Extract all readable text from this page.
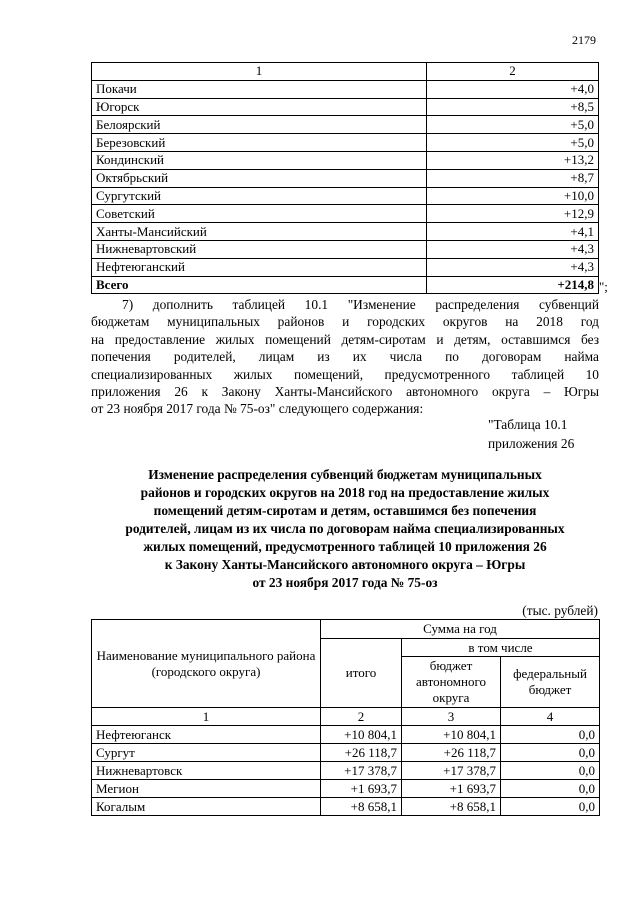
2179
1	2
Покачи	+4,0
Югорск	+8,5
Белоярский	+5,0
Березовский	+5,0
Кондинский	+13,2
Октябрьский	+8,7
Сургутский	+10,0
Советский	+12,9
Ханты-Мансийский	+4,1
Нижневартовский	+4,3
Нефтеюганский	+4,3
Всего	+214,8 ";
7) дополнить таблицей 10.1 "Изменение распределения субвенций
бюджетам муниципальных районов и городских округов на 2018 год
на предоставление жилых помещений детям-сиротам и детям, оставшимся без
попечения родителей, лицам из их числа по договорам найма
специализированных жилых помещений, предусмотренного таблицей 10
приложения 26 к Закону Ханты-Мансийского автономного округа – Югры
от 23 ноября 2017 года № 75-оз" следующего содержания:
"Таблица 10.1
приложения 26
Изменение распределения субвенций бюджетам муниципальных
районов и городских округов на 2018 год на предоставление жилых
помещений детям-сиротам и детям, оставшимся без попечения
родителей, лицам из их числа по договорам найма специализированных
жилых помещений, предусмотренного таблицей 10 приложения 26
к Закону Ханты-Мансийского автономного округа – Югры
от 23 ноября 2017 года № 75-оз
(тыс. рублей)
Наименование муниципального района (городского округа)	Сумма на год		
	итого	в том числе	
		бюджет автономного округа	федеральный бюджет
1	2	3	4
Нефтеюганск	+10 804,1	+10 804,1	0,0
Сургут	+26 118,7	+26 118,7	0,0
Нижневартовск	+17 378,7	+17 378,7	0,0
Мегион	+1 693,7	+1 693,7	0,0
Когалым	+8 658,1	+8 658,1	0,0
